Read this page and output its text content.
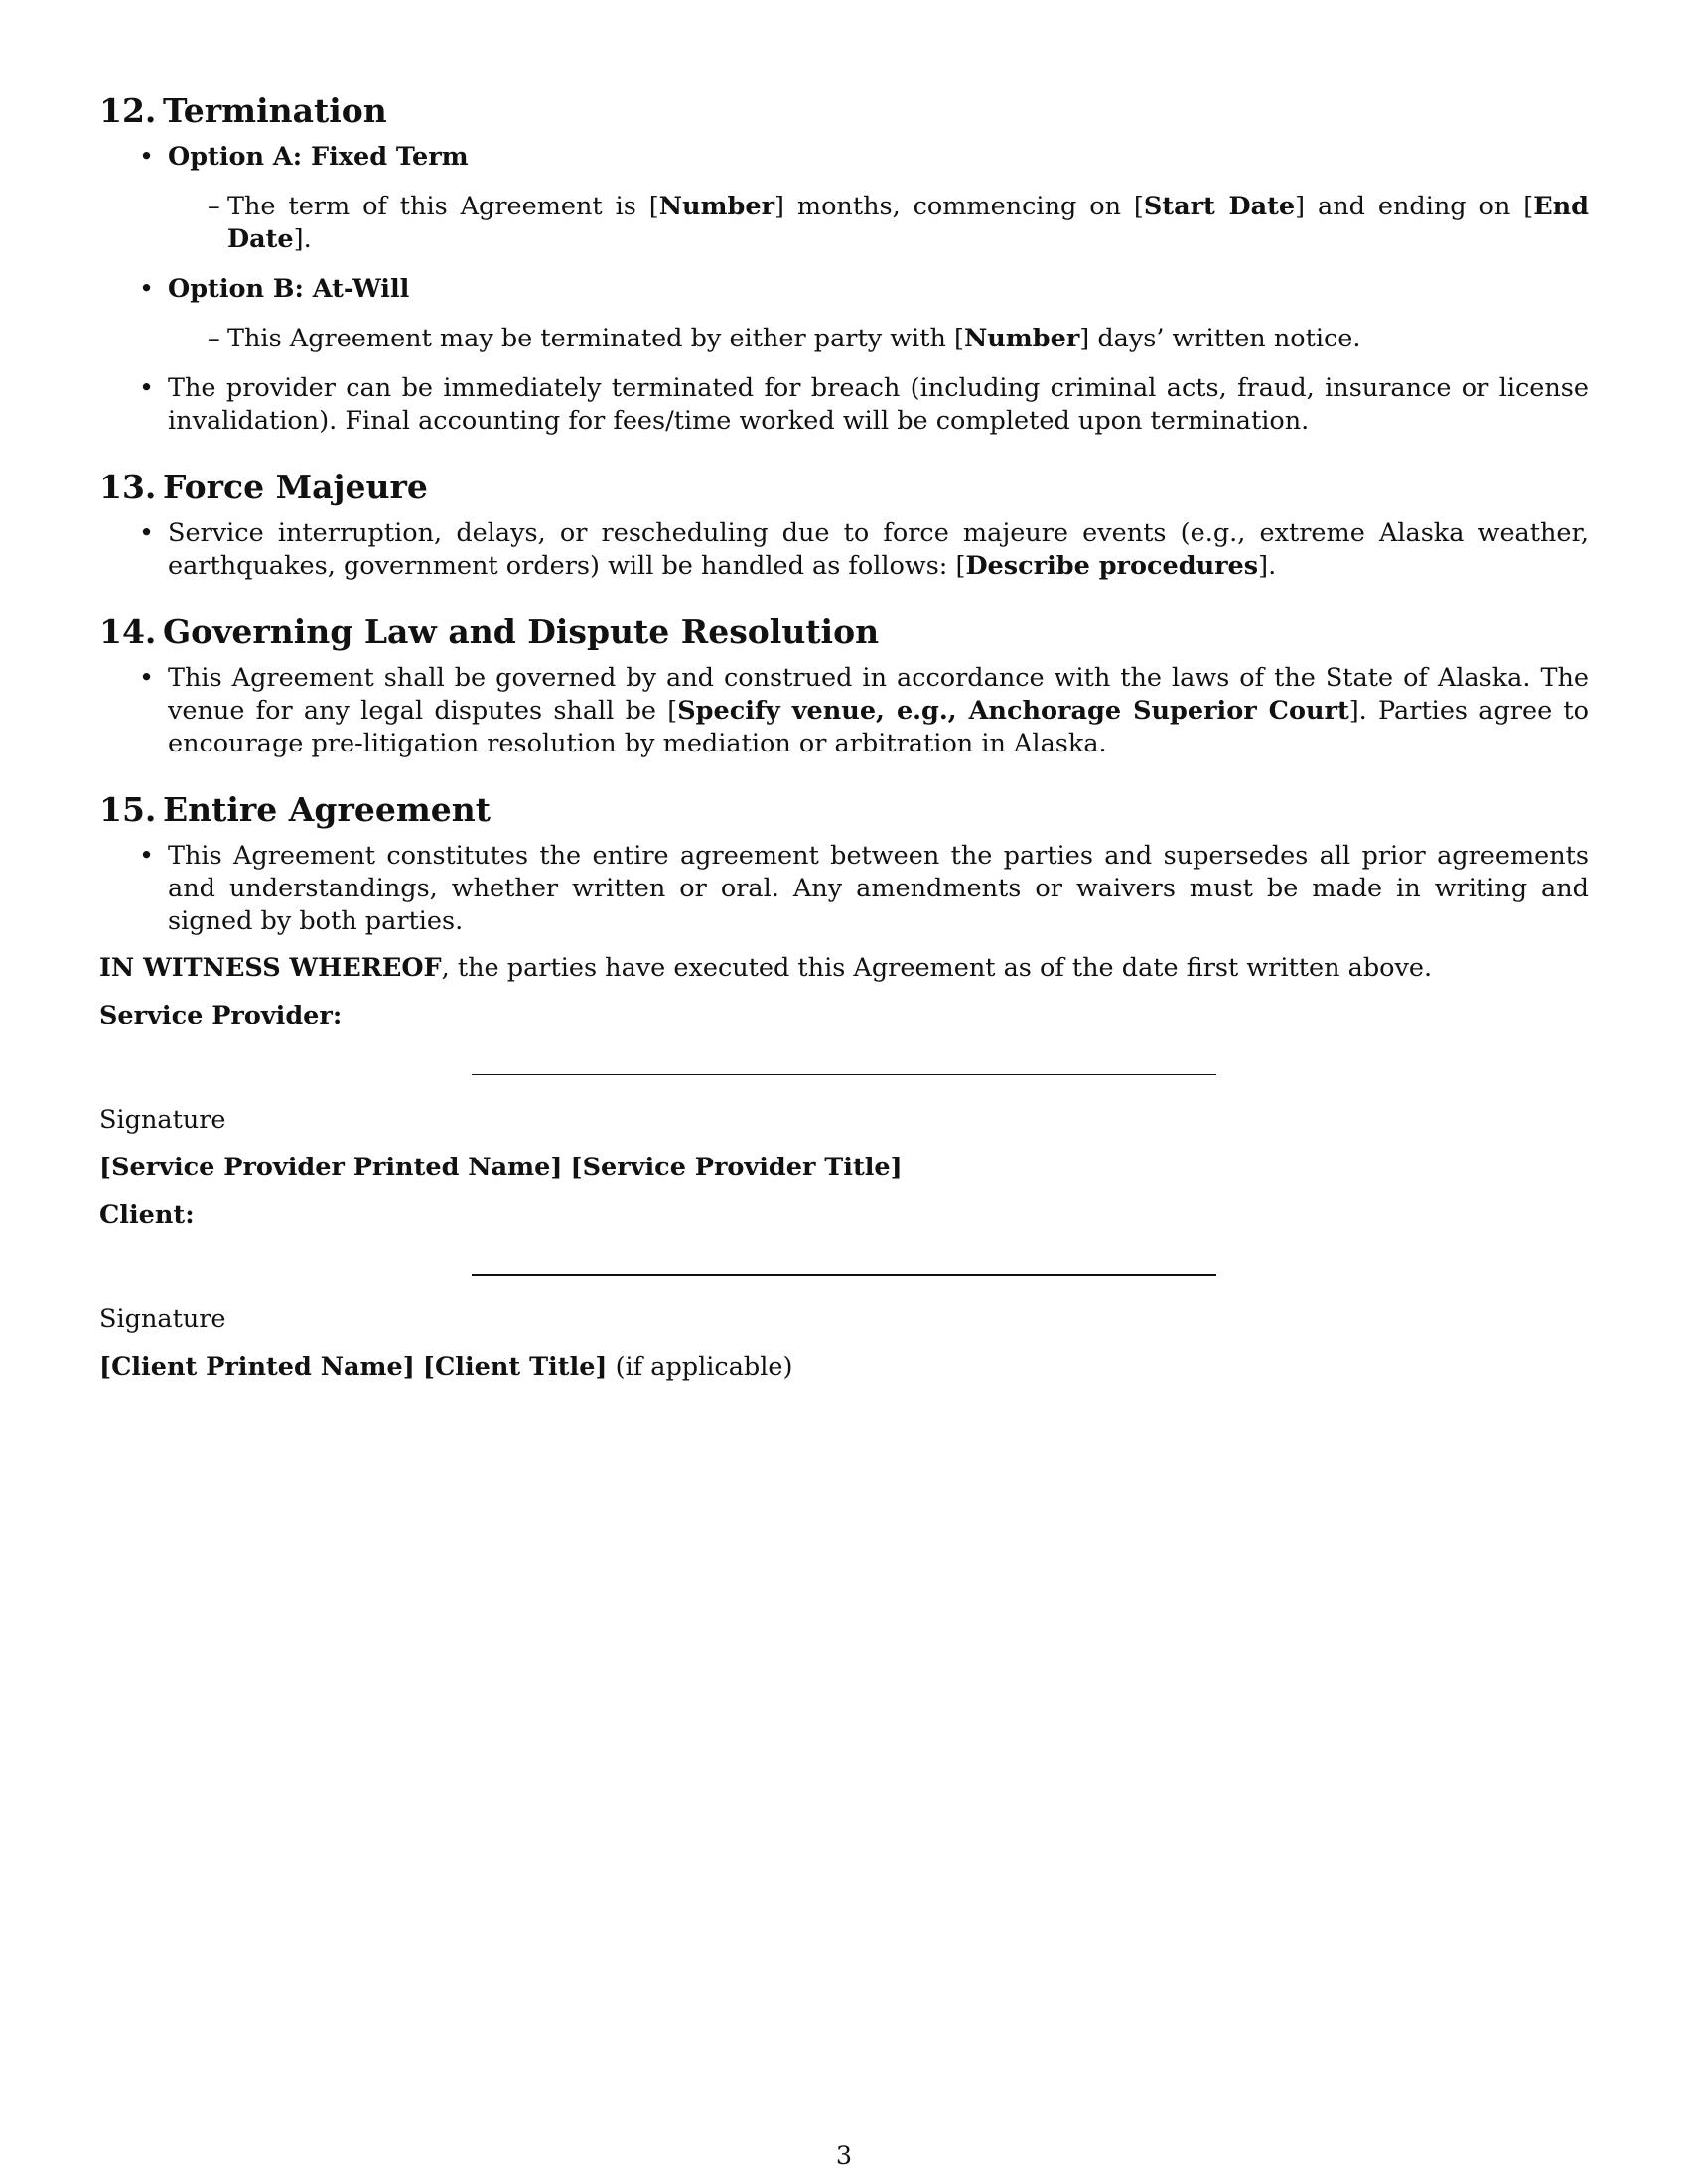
12. Termination
• Option A: Fixed Term
– The term of this Agreement is [Number] months, commencing on [Start Date] and ending on [End Date].
• Option B: At-Will
– This Agreement may be terminated by either party with [Number] days’ written notice.
• The provider can be immediately terminated for breach (including criminal acts, fraud, insurance or license invalidation). Final accounting for fees/time worked will be completed upon termination.
13. Force Majeure
• Service interruption, delays, or rescheduling due to force majeure events (e.g., extreme Alaska weather, earthquakes, government orders) will be handled as follows: [Describe procedures].
14. Governing Law and Dispute Resolution
• This Agreement shall be governed by and construed in accordance with the laws of the State of Alaska. The venue for any legal disputes shall be [Specify venue, e.g., Anchorage Superior Court]. Parties agree to encourage pre-litigation resolution by mediation or arbitration in Alaska.
15. Entire Agreement
• This Agreement constitutes the entire agreement between the parties and supersedes all prior agreements and understandings, whether written or oral. Any amendments or waivers must be made in writing and signed by both parties.

IN WITNESS WHEREOF, the parties have executed this Agreement as of the date first written above.

Service Provider:

Signature

[Service Provider Printed Name] [Service Provider Title]

Client:

Signature

[Client Printed Name] [Client Title] (if applicable)

3
